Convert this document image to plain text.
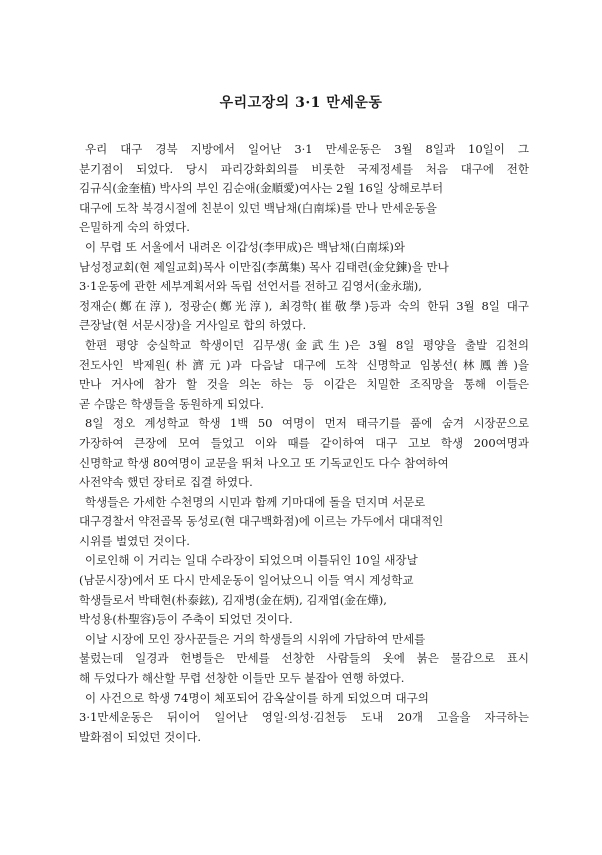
우리고장의 3·1 만세운동
우리 대구 경북 지방에서 일어난 3·1 만세운동은 3월 8일과 10일이 그
분기점이 되었다. 당시 파리강화회의를 비롯한 국제정세를 처음 대구에 전한
김규식(金奎植) 박사의 부인 김순애(金順愛)여사는 2월 16일 상해로부터
대구에 도착 북경시절에 친분이 있던 백남채(白南埰)를 만나 만세운동을
은밀하게 숙의 하였다.
이 무렵 또 서울에서 내려온 이갑성(李甲成)은 백남채(白南埰)와
남성정교회(현 제일교회)목사 이만집(李萬集) 목사 김태련(金兌鍊)을 만나
3·1운동에 관한 세부계획서와 독립 선언서를 전하고 김영서(金永瑞),
정재순(鄭在淳), 정광순(鄭光淳), 최경학(崔敬學)등과 숙의 한뒤 3월 8일 대구
큰장날(현 서문시장)을 거사일로 합의 하였다.
한편 평양 숭실학교 학생이던 김무생(金武生)은 3월 8일 평양을 출발 김천의
전도사인 박제원(朴濟元)과 다음날 대구에 도착 신명학교 임봉선(林鳳善)을
만나 거사에 참가 할 것을 의논 하는 등 이같은 치밀한 조직망을 통해 이들은
곧 수많은 학생들을 동원하게 되었다.
8일 정오 계성학교 학생 1백 50 여명이 먼저 태극기를 품에 숨겨 시장꾼으로
가장하여 큰장에 모여 들었고 이와 때를 같이하여 대구 고보 학생 200여명과
신명학교 학생 80여명이 교문을 뛰쳐 나오고 또 기독교인도 다수 참여하여
사전약속 했던 장터로 집결 하였다.
학생들은 가세한 수천명의 시민과 함께 기마대에 돌을 던지며 서문로
대구경찰서 약전골목 동성로(현 대구백화점)에 이르는 가두에서 대대적인
시위를 벌였던 것이다.
이로인해 이 거리는 일대 수라장이 되었으며 이틀뒤인 10일 새장날
(남문시장)에서 또 다시 만세운동이 일어났으니 이들 역시 계성학교
학생들로서 박태현(朴泰鉉), 김재병(金在炳), 김재엽(金在燁),
박성용(朴聖容)등이 주축이 되었던 것이다.
이날 시장에 모인 장사꾼들은 거의 학생들의 시위에 가담하여 만세를
불렀는데 일경과 헌병들은 만세를 선창한 사람들의 옷에 붉은 물감으로 표시
해 두었다가 해산할 무렵 선창한 이들만 모두 붙잡아 연행 하였다.
이 사건으로 학생 74명이 체포되어 감옥살이를 하게 되었으며 대구의
3·1만세운동은 뒤이어 일어난 영일·의성·김천등 도내 20개 고을을 자극하는
발화점이 되었던 것이다.
